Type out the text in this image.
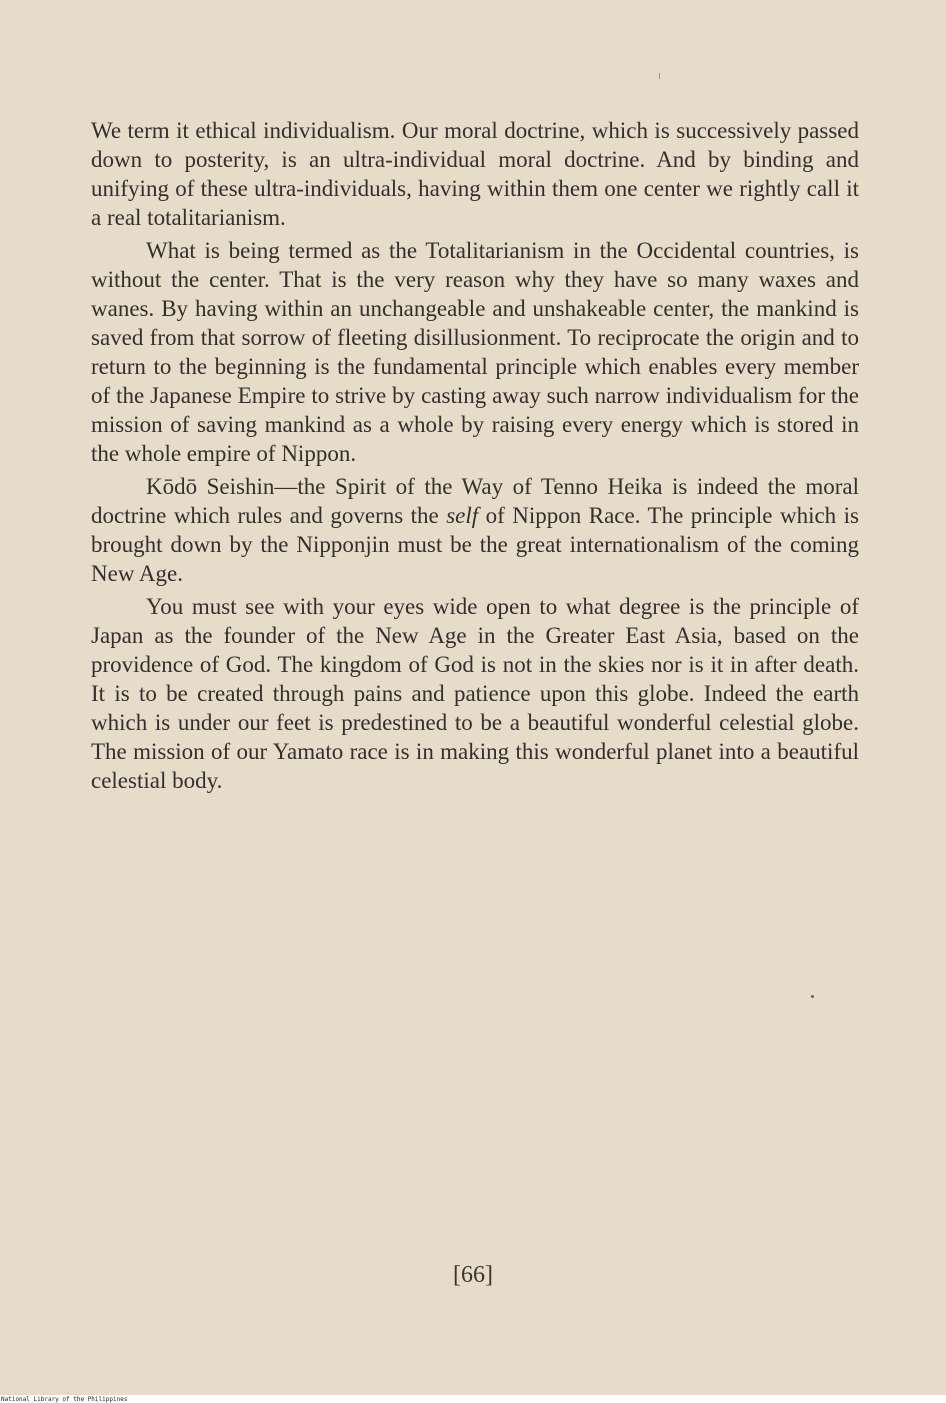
We term it ethical individualism. Our moral doctrine, which is successively passed down to posterity, is an ultra-individual moral doctrine. And by binding and unifying of these ultra-individuals, having within them one center we rightly call it a real totalitarianism.

What is being termed as the Totalitarianism in the Occidental countries, is without the center. That is the very reason why they have so many waxes and wanes. By having within an unchangeable and unshakeable center, the mankind is saved from that sorrow of fleeting disillusionment. To reciprocate the origin and to return to the beginning is the fundamental principle which enables every member of the Japanese Empire to strive by casting away such narrow individualism for the mission of saving mankind as a whole by raising every energy which is stored in the whole empire of Nippon.

Kōdō Seishin—the Spirit of the Way of Tenno Heika is indeed the moral doctrine which rules and governs the self of Nippon Race. The principle which is brought down by the Nipponjin must be the great internationalism of the coming New Age.

You must see with your eyes wide open to what degree is the principle of Japan as the founder of the New Age in the Greater East Asia, based on the providence of God. The kingdom of God is not in the skies nor is it in after death. It is to be created through pains and patience upon this globe. Indeed the earth which is under our feet is predestined to be a beautiful wonderful celestial globe. The mission of our Yamato race is in making this wonderful planet into a beautiful celestial body.

[66]
National Library of the Philippines
